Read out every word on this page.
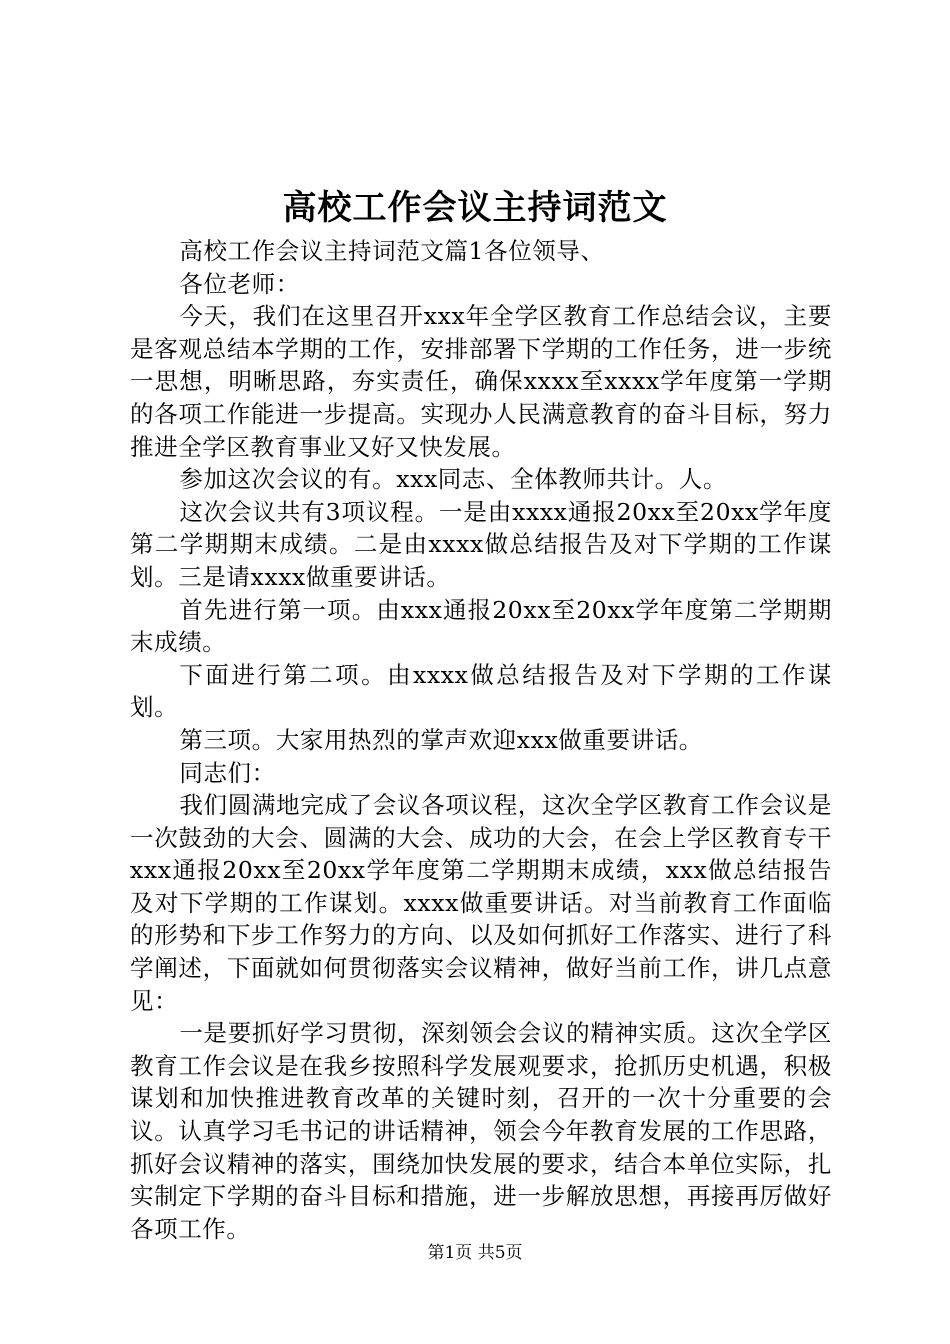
高校工作会议主持词范文

高校工作会议主持词范文篇1各位领导、

各位老师：

今天，我们在这里召开xxx年全学区教育工作总结会议，主要是客观总结本学期的工作，安排部署下学期的工作任务，进一步统一思想，明晰思路，夯实责任，确保xxxx至xxxx学年度第一学期的各项工作能进一步提高。实现办人民满意教育的奋斗目标，努力推进全学区教育事业又好又快发展。

参加这次会议的有。xxx同志、全体教师共计。人。

这次会议共有3项议程。一是由xxxx通报20xx至20xx学年度第二学期期末成绩。二是由xxxx做总结报告及对下学期的工作谋划。三是请xxxx做重要讲话。

首先进行第一项。由xxx通报20xx至20xx学年度第二学期期末成绩。

下面进行第二项。由xxxx做总结报告及对下学期的工作谋划。

第三项。大家用热烈的掌声欢迎xxx做重要讲话。

同志们：

我们圆满地完成了会议各项议程，这次全学区教育工作会议是一次鼓劲的大会、圆满的大会、成功的大会，在会上学区教育专干xxx通报20xx至20xx学年度第二学期期末成绩，xxx做总结报告及对下学期的工作谋划。xxxx做重要讲话。对当前教育工作面临的形势和下步工作努力的方向、以及如何抓好工作落实、进行了科学阐述，下面就如何贯彻落实会议精神，做好当前工作，讲几点意见：

一是要抓好学习贯彻，深刻领会会议的精神实质。这次全学区教育工作会议是在我乡按照科学发展观要求，抢抓历史机遇，积极谋划和加快推进教育改革的关键时刻，召开的一次十分重要的会议。认真学习毛书记的讲话精神，领会今年教育发展的工作思路，抓好会议精神的落实，围绕加快发展的要求，结合本单位实际，扎实制定下学期的奋斗目标和措施，进一步解放思想，再接再厉做好各项工作。

第1页 共5页
